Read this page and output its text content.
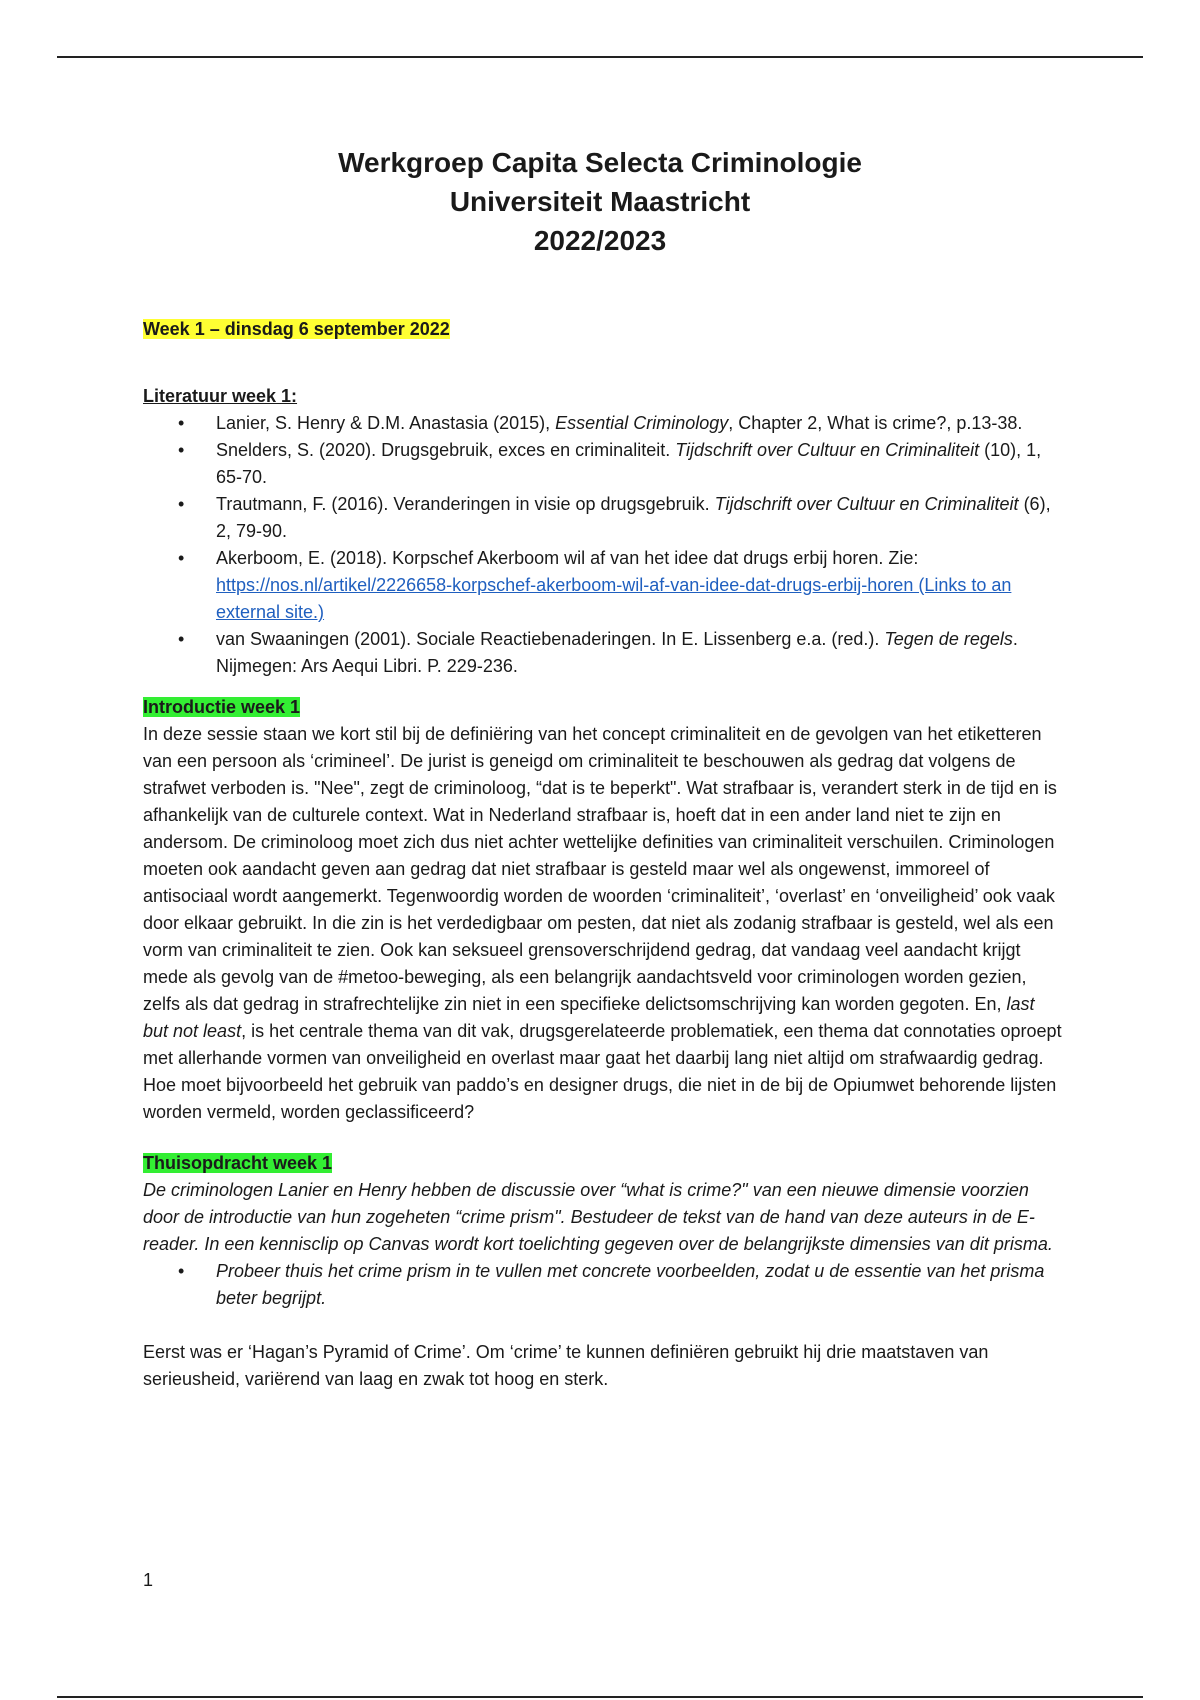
Werkgroep Capita Selecta Criminologie
Universiteit Maastricht
2022/2023
Week 1 – dinsdag 6 september 2022
Literatuur week 1:
• Lanier, S. Henry & D.M. Anastasia (2015), Essential Criminology, Chapter 2, What is crime?, p.13-38.
• Snelders, S. (2020). Drugsgebruik, exces en criminaliteit. Tijdschrift over Cultuur en Criminaliteit (10), 1, 65-70.
• Trautmann, F. (2016). Veranderingen in visie op drugsgebruik. Tijdschrift over Cultuur en Criminaliteit (6), 2, 79-90.
• Akerboom, E. (2018). Korpschef Akerboom wil af van het idee dat drugs erbij horen. Zie: https://nos.nl/artikel/2226658-korpschef-akerboom-wil-af-van-idee-dat-drugs-erbij-horen (Links to an external site.)
• van Swaaningen (2001). Sociale Reactiebenaderingen. In E. Lissenberg e.a. (red.). Tegen de regels. Nijmegen: Ars Aequi Libri. P. 229-236.
Introductie week 1

In deze sessie staan we kort stil bij de definiëring van het concept criminaliteit en de gevolgen van het etiketteren van een persoon als ‘crimineel’. De jurist is geneigd om criminaliteit te beschouwen als gedrag dat volgens de strafwet verboden is. "Nee", zegt de criminoloog, “dat is te beperkt". Wat strafbaar is, verandert sterk in de tijd en is afhankelijk van de culturele context. Wat in Nederland strafbaar is, hoeft dat in een ander land niet te zijn en andersom. De criminoloog moet zich dus niet achter wettelijke definities van criminaliteit verschuilen. Criminologen moeten ook aandacht geven aan gedrag dat niet strafbaar is gesteld maar wel als ongewenst, immoreel of antisociaal wordt aangemerkt. Tegenwoordig worden de woorden ‘criminaliteit’, ‘overlast’ en ‘onveiligheid’ ook vaak door elkaar gebruikt. In die zin is het verdedigbaar om pesten, dat niet als zodanig strafbaar is gesteld, wel als een vorm van criminaliteit te zien. Ook kan seksueel grensoverschrijdend gedrag, dat vandaag veel aandacht krijgt mede als gevolg van de #metoo-beweging, als een belangrijk aandachtsveld voor criminologen worden gezien, zelfs als dat gedrag in strafrechtelijke zin niet in een specifieke delictsomschrijving kan worden gegoten. En, last but not least, is het centrale thema van dit vak, drugsgerelateerde problematiek, een thema dat connotaties oproept met allerhande vormen van onveiligheid en overlast maar gaat het daarbij lang niet altijd om strafwaardig gedrag. Hoe moet bijvoorbeeld het gebruik van paddo’s en designer drugs, die niet in de bij de Opiumwet behorende lijsten worden vermeld, worden geclassificeerd?

Thuisopdracht week 1

De criminologen Lanier en Henry hebben de discussie over “what is crime?" van een nieuwe dimensie voorzien door de introductie van hun zogeheten “crime prism". Bestudeer de tekst van de hand van deze auteurs in de E-reader. In een kennisclip op Canvas wordt kort toelichting gegeven over de belangrijkste dimensies van dit prisma.

• Probeer thuis het crime prism in te vullen met concrete voorbeelden, zodat u de essentie van het prisma beter begrijpt.

Eerst was er ‘Hagan’s Pyramid of Crime’. Om ‘crime’ te kunnen definiëren gebruikt hij drie maatstaven van serieusheid, variërend van laag en zwak tot hoog en sterk.

1
